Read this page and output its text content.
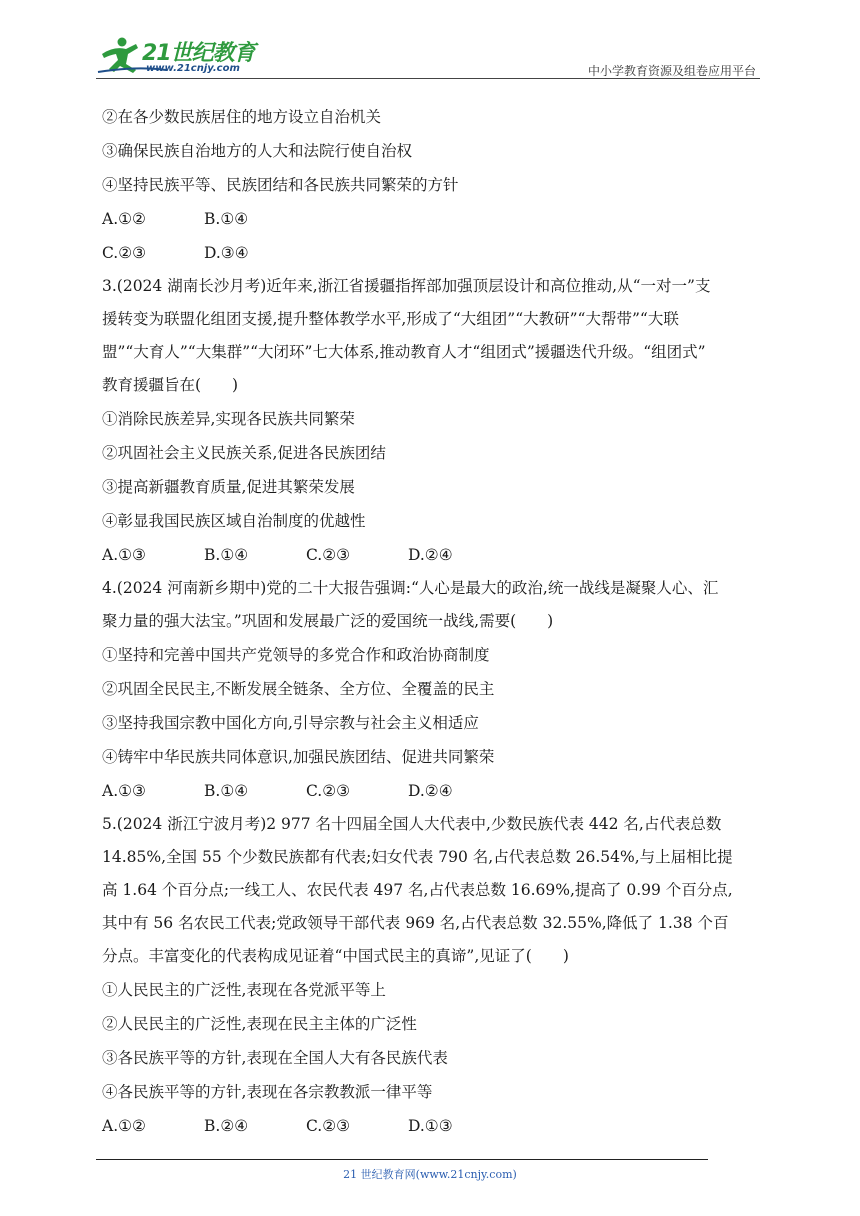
21世纪教育
www.21cnjy.com	中小学教育资源及组卷应用平台
②在各少数民族居住的地方设立自治机关
③确保民族自治地方的人大和法院行使自治权
④坚持民族平等、民族团结和各民族共同繁荣的方针
A.①②	B.①④
C.②③	D.③④
3.(2024 湖南长沙月考)近年来,浙江省援疆指挥部加强顶层设计和高位推动,从“一对一”支
援转变为联盟化组团支援,提升整体教学水平,形成了“大组团”“大教研”“大帮带”“大联
盟”“大育人”“大集群”“大闭环”七大体系,推动教育人才“组团式”援疆迭代升级。“组团式”
教育援疆旨在(　　)
①消除民族差异,实现各民族共同繁荣
②巩固社会主义民族关系,促进各民族团结
③提高新疆教育质量,促进其繁荣发展
④彰显我国民族区域自治制度的优越性
A.①③	B.①④	C.②③	D.②④
4.(2024 河南新乡期中)党的二十大报告强调:“人心是最大的政治,统一战线是凝聚人心、汇
聚力量的强大法宝。”巩固和发展最广泛的爱国统一战线,需要(　　)
①坚持和完善中国共产党领导的多党合作和政治协商制度
②巩固全民民主,不断发展全链条、全方位、全覆盖的民主
③坚持我国宗教中国化方向,引导宗教与社会主义相适应
④铸牢中华民族共同体意识,加强民族团结、促进共同繁荣
A.①③	B.①④	C.②③	D.②④
5.(2024 浙江宁波月考)2 977 名十四届全国人大代表中,少数民族代表 442 名,占代表总数
14.85%,全国 55 个少数民族都有代表;妇女代表 790 名,占代表总数 26.54%,与上届相比提
高 1.64 个百分点;一线工人、农民代表 497 名,占代表总数 16.69%,提高了 0.99 个百分点,
其中有 56 名农民工代表;党政领导干部代表 969 名,占代表总数 32.55%,降低了 1.38 个百
分点。丰富变化的代表构成见证着“中国式民主的真谛”,见证了(　　)
①人民民主的广泛性,表现在各党派平等上
②人民民主的广泛性,表现在民主主体的广泛性
③各民族平等的方针,表现在全国人大有各民族代表
④各民族平等的方针,表现在各宗教教派一律平等
A.①②	B.②④	C.②③	D.①③
21 世纪教育网(www.21cnjy.com)
